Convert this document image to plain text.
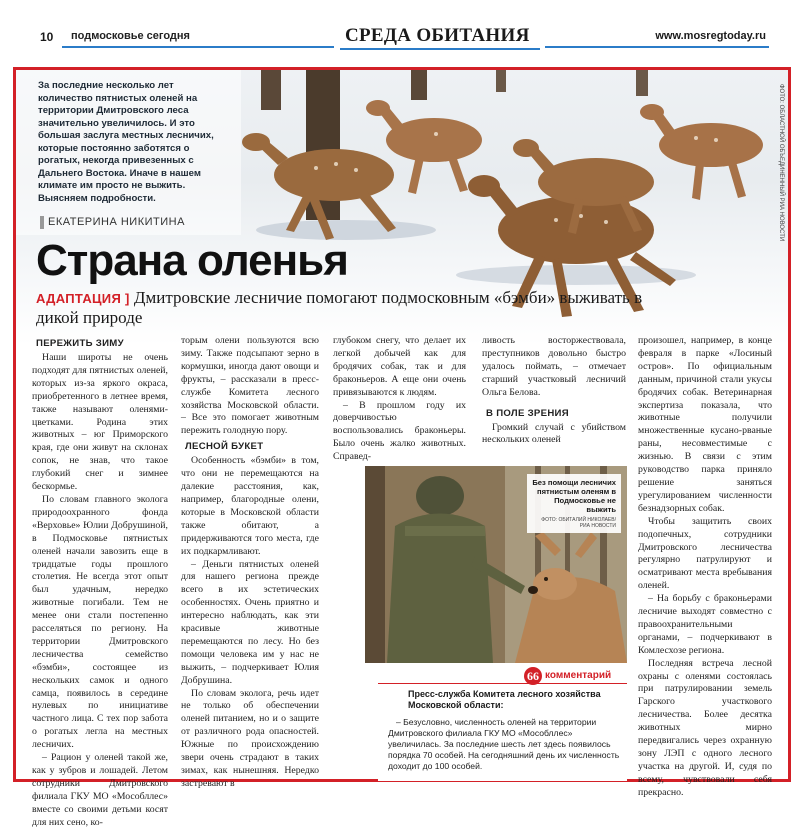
10 подмосковье сегодня	СРЕДА ОБИТАНИЯ	www.mosregtoday.ru
За последние несколько лет количество пятнистых оленей на территории Дмитровского леса значительно увеличилось. И это большая заслуга местных лесничих, которые постоянно заботятся о рогатых, некогда привезенных с Дальнего Востока. Иначе в нашем климате им просто не выжить. Выясняем подробности.
ЕКАТЕРИНА НИКИТИНА	ФОТО: ОБЛАСТНОЙ ОБЪЕДИНЕННЫЙ РИА НОВОСТИ
Страна оленья
АДАПТАЦИЯ ] Дмитровские лесничие помогают подмосковным «бэмби» выживать в дикой природе
ПЕРЕЖИТЬ ЗИМУ

Наши широты не очень подходят для пятнистых оленей, которых из-за яркого окраса, приобретенного в летнее время, также называют оленями-цветками. Родина этих животных – юг Приморского края, где они живут на склонах сопок, не знав, что такое глубокий снег и зимнее бескормье.

По словам главного эколога природоохранного фонда «Верховье» Юлии Добрушиной, в Подмосковье пятнистых оленей начали завозить еще в тридцатые годы прошлого столетия. Не всегда этот опыт был удачным, нередко животные погибали. Тем не менее они стали постепенно расселяться по региону. На территории Дмитровского лесничества семейство «бэмби», состоящее из нескольких самок и одного самца, появилось в середине нулевых по инициативе частного лица. С тех пор забота о рогатых легла на местных лесничих.

– Рацион у оленей такой же, как у зубров и лошадей. Летом сотрудники Дмитровского филиала ГКУ МО «Мособллес» вместе со своими детьми косят для них сено, ко-

торым олени пользуются всю зиму. Также подсыпают зерно в кормушки, иногда дают овощи и фрукты, – рассказали в пресс-службе Комитета лесного хозяйства Московской области. – Все это помогает животным пережить голодную пору.

ЛЕСНОЙ БУКЕТ

Особенность «бэмби» в том, что они не перемещаются на далекие расстояния, как, например, благородные олени, которые в Московской области также обитают, а придерживаются того места, где их подкармливают.

– Деньги пятнистых оленей для нашего региона прежде всего в их эстетических особенностях. Очень приятно и интересно наблюдать, как эти красивые животные перемещаются по лесу. Но без помощи человека им у нас не выжить, – подчеркивает Юлия Добрушина.

По словам эколога, речь идет не только об обеспечении оленей питанием, но и о защите от различного рода опасностей. Южные по происхождению звери очень страдают в таких зимах, как нынешняя. Нередко застревают в

глубоком снегу, что делает их легкой добычей как для бродячих собак, так и для браконьеров. А еще они очень привязываются к людям.

– В прошлом году их доверчивостью воспользовались браконьеры. Было очень жалко животных. Справед-

ливость восторжествовала, преступников довольно быстро удалось поймать, – отмечает старший участковый лесничий Ольга Белова.

В ПОЛЕ ЗРЕНИЯ

Громкий случай с убийством нескольких оленей

произошел, например, в конце февраля в парке «Лосиный остров». По официальным данным, причиной стали укусы бродячих собак. Ветеринарная экспертиза показала, что животные получили множественные кусано-рваные раны, несовместимые с жизнью. В связи с этим руководство парка приняло решение заняться урегулированием численности безнадзорных собак.

Чтобы защитить своих подопечных, сотрудники Дмитровского лесничества регулярно патрулируют и осматривают места вребывания оленей.

– На борьбу с браконьерами лесничие выходят совместно с правоохранительными органами, – подчеркивают в Комлесхозе региона.

Последняя встреча лесной охраны с оленями состоялась при патрулировании земель Гарского участкового лесничества. Более десятка животных мирно передвигались через охранную зону ЛЭП с одного лесного участка на другой. И, судя по всему, чувствовали себя прекрасно.

Без помощи лесничих пятнистым оленям в Подмосковье не выжить
ФОТО: ОБИТАЛИЙ НИКОЛАЕВ/РИА НОВОСТИ
66 комментарий
Пресс-служба Комитета лесного хозяйства Московской области:

– Безусловно, численность оленей на территории Дмитровского филиала ГКУ МО «Мособллес» увеличилась. За последние шесть лет здесь появилось порядка 70 особей. На сегодняшний день их численность доходит до 100 особей.
